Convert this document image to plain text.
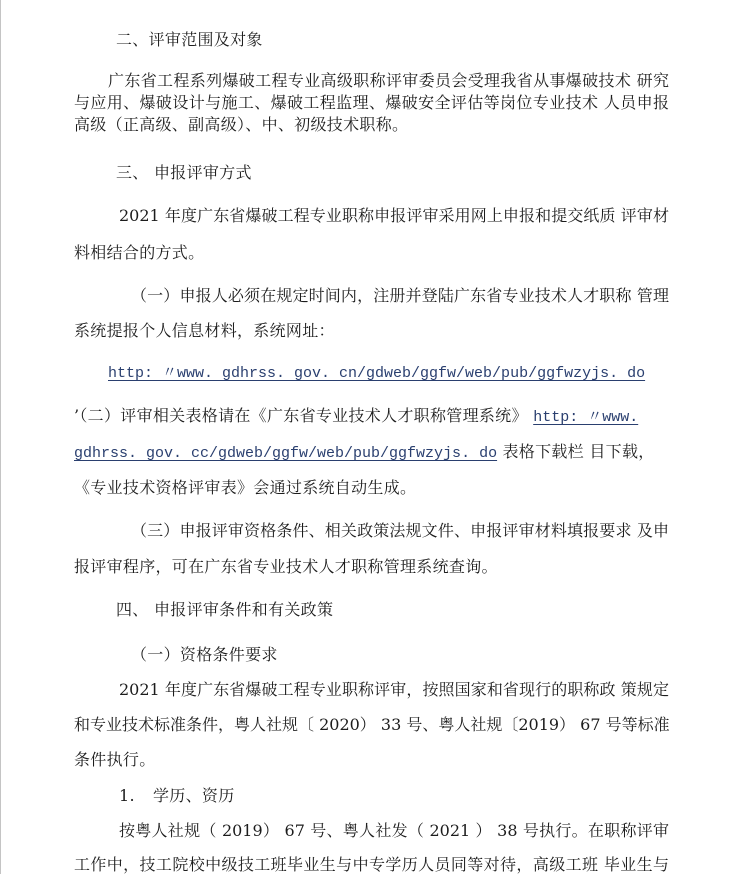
二、评审范围及对象
广东省工程系列爆破工程专业高级职称评审委员会受理我省从事爆破技术 研究
与应用、爆破设计与施工、爆破工程监理、爆破安全评估等岗位专业技术 人员申报
高级（正高级、副高级）、中、初级技术职称。
三、 申报评审方式
2021 年度广东省爆破工程专业职称申报评审采用网上申报和提交纸质 评审材
料相结合的方式。
（一）申报人必须在规定时间内，注册并登陆广东省专业技术人才职称 管理
系统提报个人信息材料，系统网址：
http: 〃www. gdhrss. gov. cn/gdweb/ggfw/web/pub/ggfwzyjs. do
’（二）评审相关表格请在《广东省专业技术人才职称管理系统》 http: 〃www.
gdhrss. gov. cc/gdweb/ggfw/web/pub/ggfwzyjs. do 表格下载栏 目下载，
《专业技术资格评审表》会通过系统自动生成。
（三）申报评审资格条件、相关政策法规文件、申报评审材料填报要求 及申
报评审程序，可在广东省专业技术人才职称管理系统查询。
四、 申报评审条件和有关政策
（一）资格条件要求
2021 年度广东省爆破工程专业职称评审，按照国家和省现行的职称政 策规定
和专业技术标准条件，粤人社规〔 2020） 33 号、粤人社规〔2019） 67 号等标准
条件执行。
1. 学历、资历
按粤人社规（ 2019） 67 号、粤人社发（ 2021 ） 38 号执行。在职称评审
工作中，技工院校中级技工班毕业生与中专学历人员同等对待，高级工班 毕业生与
